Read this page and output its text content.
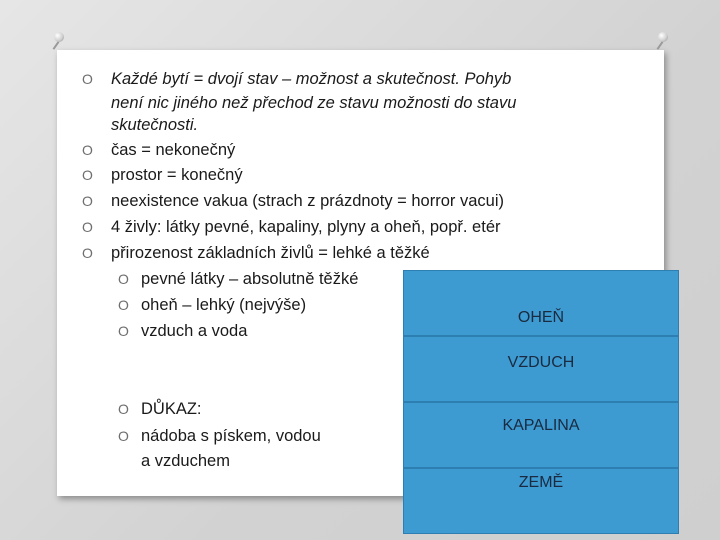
OHEŇ
VZDUCH
KAPALINA
ZEMĚ
O Každé bytí = dvojí stav – možnost a skutečnost. Pohyb
není nic jiného než přechod ze stavu možnosti do stavu
skutečnosti.
O čas = nekonečný
O prostor = konečný
O neexistence vakua (strach z prázdnoty = horror vacui)
O 4 živly: látky pevné, kapaliny, plyny a oheň, popř. etér
O přirozenost základních živlů = lehké a těžké
O pevné látky – absolutně těžké
O oheň – lehký (nejvýše)
O vzduch a voda
O DŮKAZ:
O nádoba s pískem, vodou
a vzduchem
